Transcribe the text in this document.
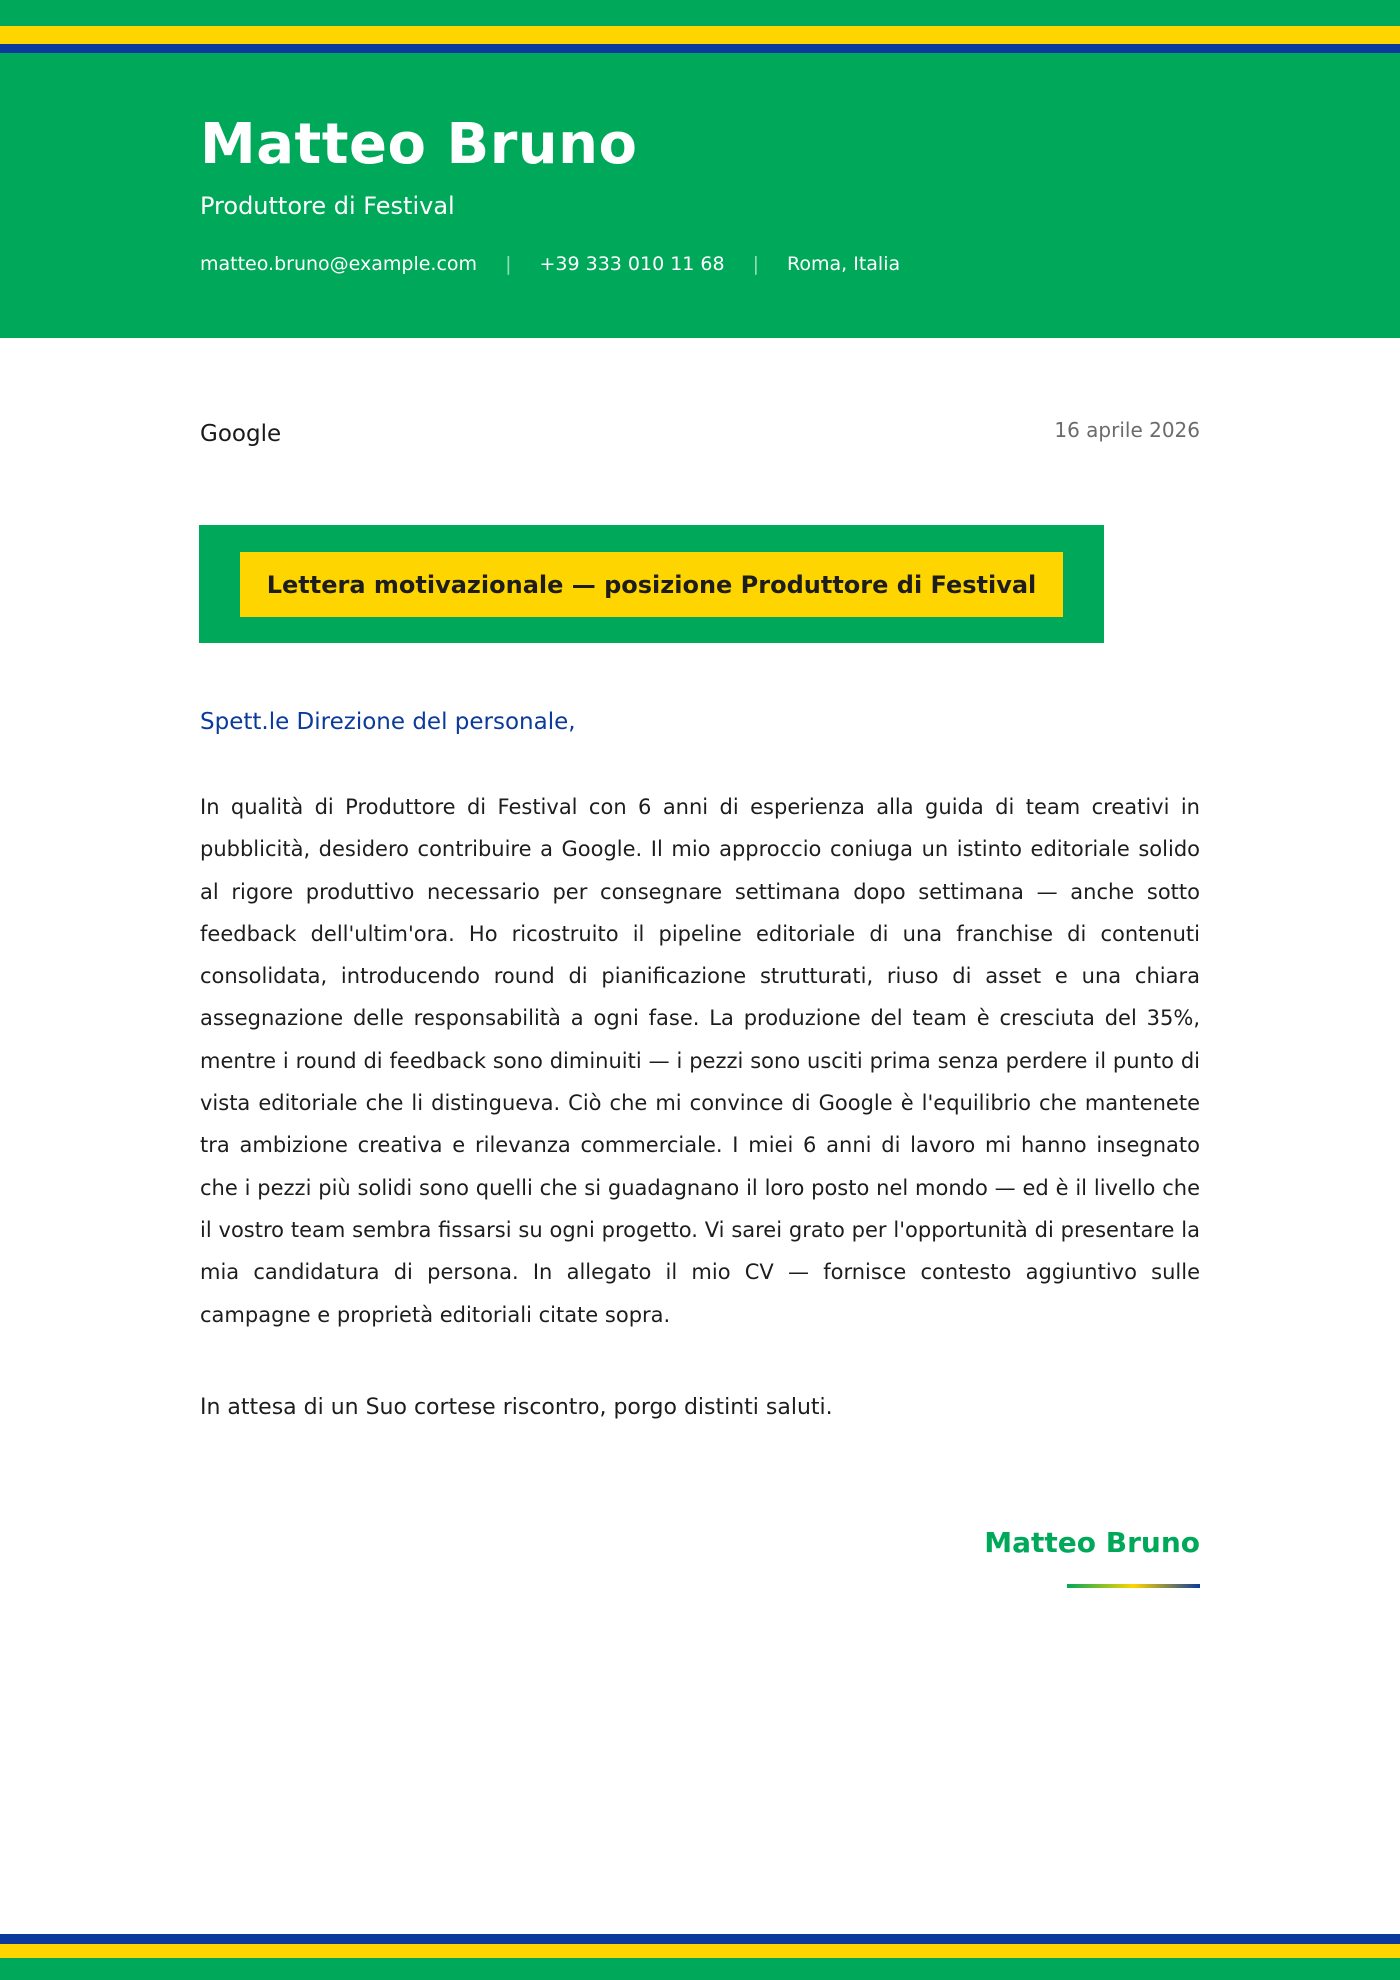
Matteo Bruno
Produttore di Festival
matteo.bruno@example.com | +39 333 010 11 68 | Roma, Italia
Google	16 aprile 2026
Lettera motivazionale — posizione Produttore di Festival
Spett.le Direzione del personale,

In qualità di Produttore di Festival con 6 anni di esperienza alla guida di team creativi in pubblicità, desidero contribuire a Google. Il mio approccio coniuga un istinto editoriale solido al rigore produttivo necessario per consegnare settimana dopo settimana — anche sotto feedback dell'ultim'ora. Ho ricostruito il pipeline editoriale di una franchise di contenuti consolidata, introducendo round di pianificazione strutturati, riuso di asset e una chiara assegnazione delle responsabilità a ogni fase. La produzione del team è cresciuta del 35%, mentre i round di feedback sono diminuiti — i pezzi sono usciti prima senza perdere il punto di vista editoriale che li distingueva. Ciò che mi convince di Google è l'equilibrio che mantenete tra ambizione creativa e rilevanza commerciale. I miei 6 anni di lavoro mi hanno insegnato che i pezzi più solidi sono quelli che si guadagnano il loro posto nel mondo — ed è il livello che il vostro team sembra fissarsi su ogni progetto. Vi sarei grato per l'opportunità di presentare la mia candidatura di persona. In allegato il mio CV — fornisce contesto aggiuntivo sulle campagne e proprietà editoriali citate sopra.

In attesa di un Suo cortese riscontro, porgo distinti saluti.
Matteo Bruno
